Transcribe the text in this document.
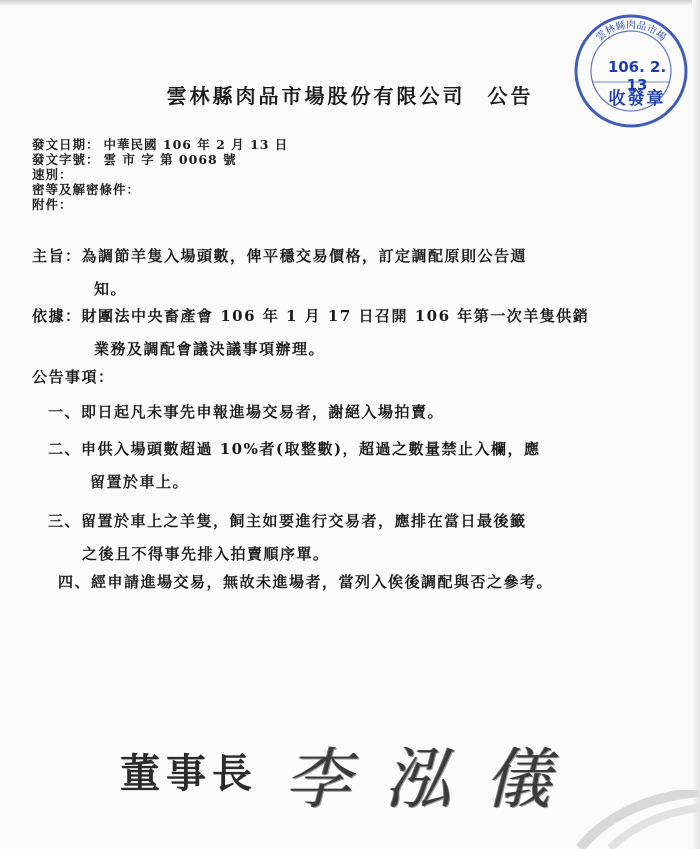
雲林縣肉品市場股份有限公司 公告
發文日期： 中華民國 106 年 2 月 13 日
發文字號： 雲 市 字 第 0068 號
速別：
密等及解密條件：
附件：
主旨：為調節羊隻入場頭數，俾平穩交易價格，訂定調配原則公告週
知。
依據：財團法中央畜產會 106 年 1 月 17 日召開 106 年第一次羊隻供銷
業務及調配會議決議事項辦理。
公告事項：
一、即日起凡未事先申報進場交易者，謝絕入場拍賣。
二、申供入場頭數超過 10%者(取整數)，超過之數量禁止入欄，應
留置於車上。
三、留置於車上之羊隻，飼主如要進行交易者，應排在當日最後籤
之後且不得事先排入拍賣順序單。
四、經申請進場交易，無故未進場者，當列入俟後調配與否之參考。
雲林縣肉品市場
106. 2. 13
收發章
董事長 李泓儀
